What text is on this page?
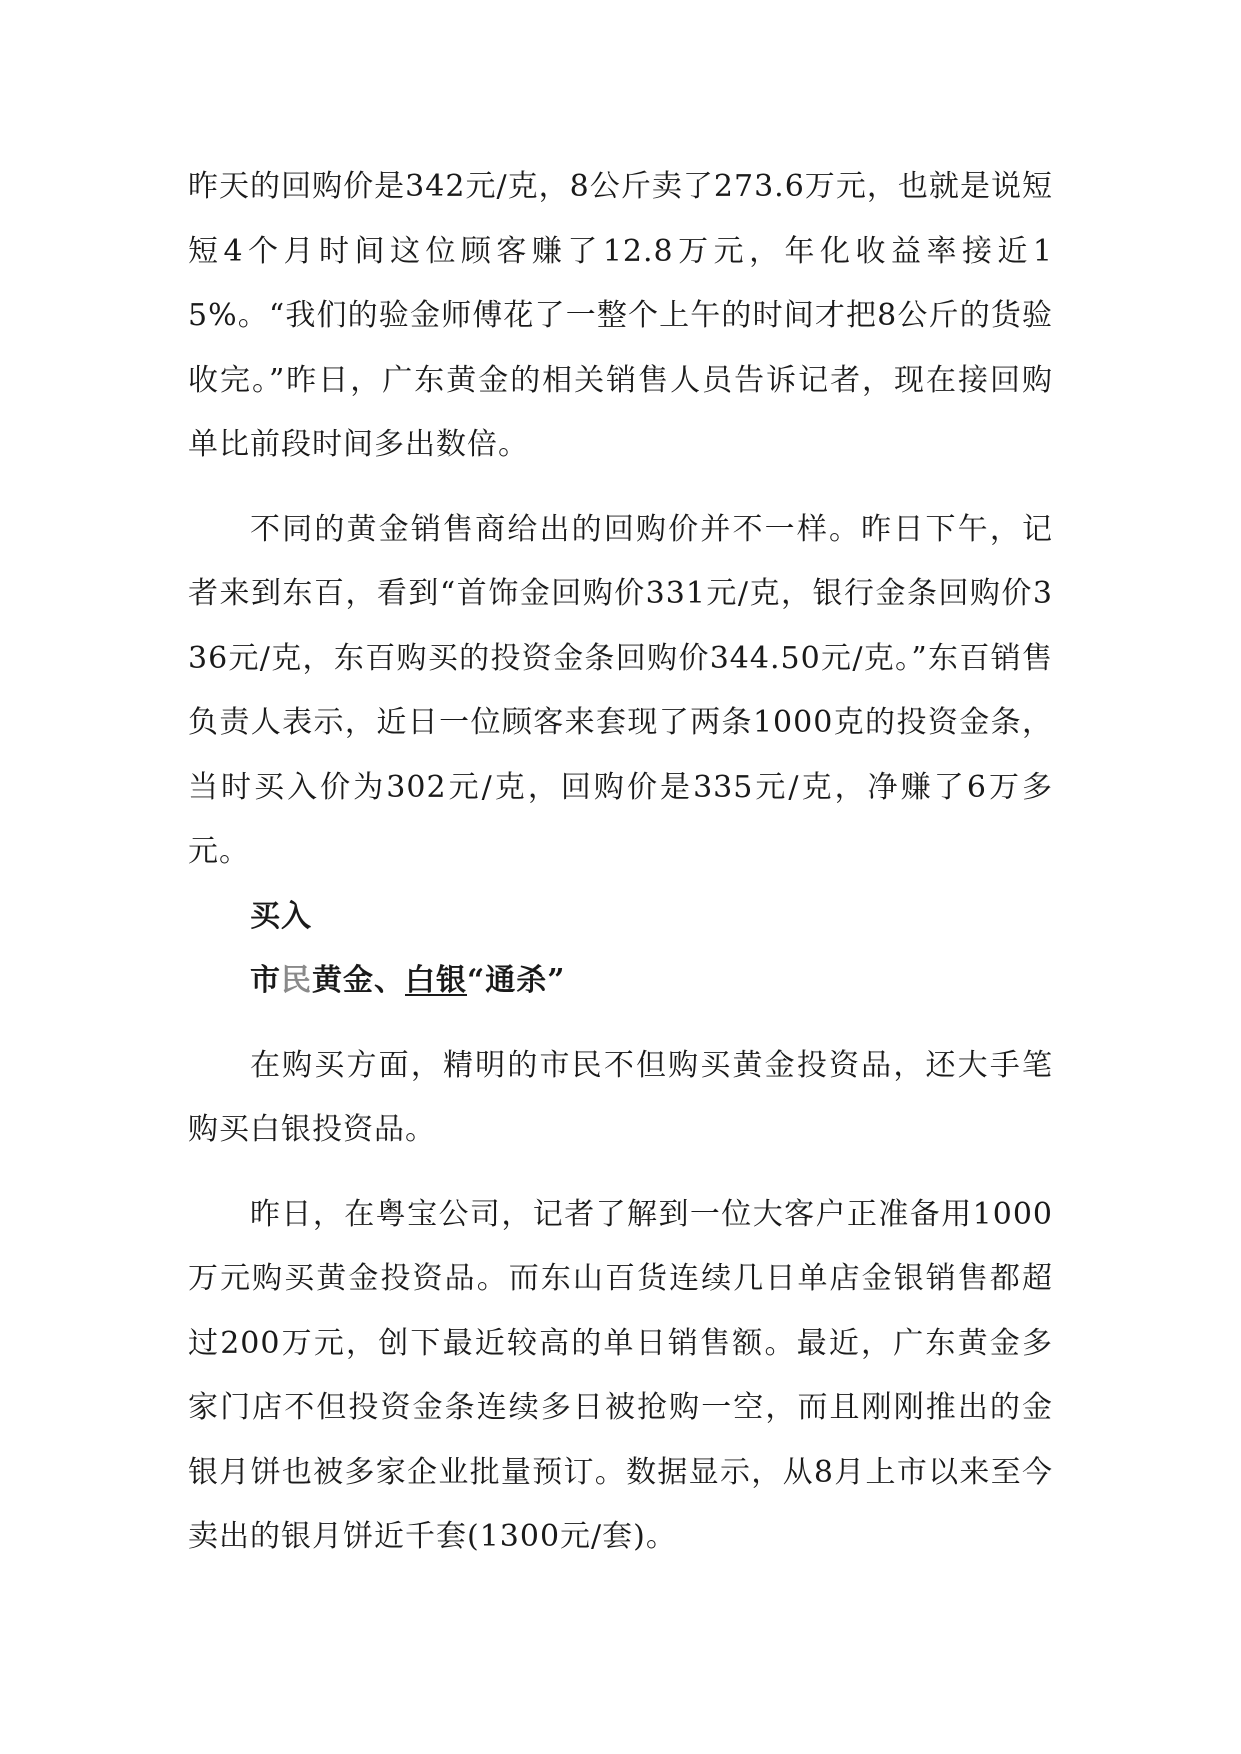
昨天的回购价是342元/克，8公斤卖了273.6万元，也就是说短短4个月时间这位顾客赚了12.8万元，年化收益率接近15%。“我们的验金师傅花了一整个上午的时间才把8公斤的货验收完。”昨日，广东黄金的相关销售人员告诉记者，现在接回购单比前段时间多出数倍。

不同的黄金销售商给出的回购价并不一样。昨日下午，记者来到东百，看到“首饰金回购价331元/克，银行金条回购价336元/克，东百购买的投资金条回购价344.50元/克。”东百销售负责人表示，近日一位顾客来套现了两条1000克的投资金条，当时买入价为302元/克，回购价是335元/克，净赚了6万多元。

买入

市民黄金、白银“通杀”

在购买方面，精明的市民不但购买黄金投资品，还大手笔购买白银投资品。

昨日，在粤宝公司，记者了解到一位大客户正准备用1000万元购买黄金投资品。而东山百货连续几日单店金银销售都超过200万元，创下最近较高的单日销售额。最近，广东黄金多家门店不但投资金条连续多日被抢购一空，而且刚刚推出的金银月饼也被多家企业批量预订。数据显示，从8月上市以来至今卖出的银月饼近千套(1300元/套)。
